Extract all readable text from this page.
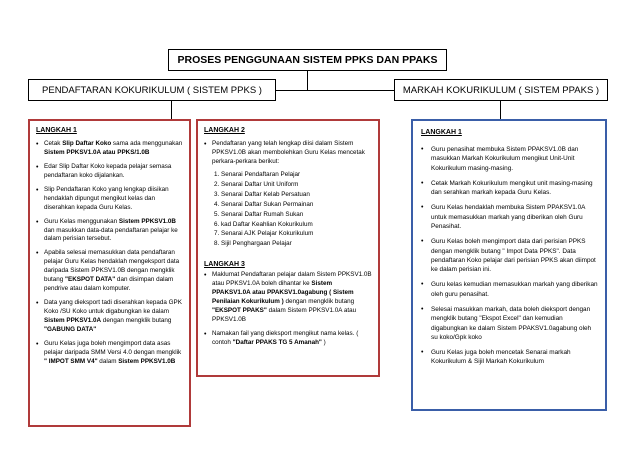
PROSES PENGGUNAAN SISTEM PPKS DAN PPAKS
PENDAFTARAN KOKURIKULUM ( SISTEM PPKS )	MARKAH KOKURIKULUM ( SISTEM PPAKS )
LANGKAH 1
• Cetak Slip Daftar Koko sama ada menggunakan Sistem PPKSV1.0A atau PPKS/1.0B
• Edar Slip Daftar Koko kepada pelajar semasa pendaftaran koko dijalankan.
• Slip Pendaftaran Koko yang lengkap diisikan hendaklah dipungut mengikut kelas dan diserahkan kepada Guru Kelas.
• Guru Kelas menggunakan Sistem PPKSV1.0B dan masukkan data-data pendaftaran pelajar ke dalam perisian tersebut.
• Apabila selesai memasukkan data pendaftaran pelajar Guru Kelas hendaklah mengeksport data daripada Sistem PPKSV1.0B dengan mengklik butang "EKSPOT DATA" dan disimpan dalam pendrive atau dalam komputer.
• Data yang dieksport tadi diserahkan kepada GPK Koko /SU Koko untuk digabungkan ke dalam Sistem PPKSV1.0A dengan mengklik butang "GABUNG DATA"
• Guru Kelas juga boleh mengimport data asas pelajar daripada SMM Versi 4.0 dengan mengklik " IMPOT SMM V4" dalam Sistem PPKSV1.0B
LANGKAH 2
• Pendaftaran yang telah lengkap diisi dalam Sistem PPKSV1.0B akan membolehkan Guru Kelas mencetak perkara-perkara berikut:
1. Senarai Pendaftaran Pelajar
2. Senarai Daftar Unit Uniform
3. Senarai Daftar Kelab Persatuan
4. Senarai Daftar Sukan Permainan
5. Senarai Daftar Rumah Sukan
6. kad Daftar Keahlian Kokurikulum
7. Senarai AJK Pelajar Kokurikulum
8. Sijil Penghargaan Pelajar
LANGKAH 3
• Maklumat Pendaftaran pelajar dalam Sistem PPKSV1.0B atau PPKSV1.0A boleh dihantar ke Sistem PPAKSV1.0A atau PPAKSV1.0agabung ( Sistem Penilaian Kokurikulum ) dengan mengklik butang "EKSPOT PPAKS" dalam Sistem PPKSV1.0A atau PPKSV1.0B
• Namakan fail yang dieksport mengikut nama kelas. ( contoh "Daftar PPAKS TG 5 Amanah" )
LANGKAH 1
• Guru penasihat membuka Sistem PPAKSV1.0B dan masukkan Markah Kokurikulum mengikut Unit-Unit Kokurikulum masing-masing.
• Cetak Markah Kokurikulum mengikut unit masing-masing dan serahkan markah kepada Guru Kelas.
• Guru Kelas hendaklah membuka Sistem PPAKSV1.0A untuk memasukkan markah yang diberikan oleh Guru Penasihat.
• Guru Kelas boleh mengimport data dari perisian PPKS dengan mengklik butang " Impot Data PPKS". Data pendaftaran Koko pelajar dari perisian PPKS akan diimpot ke dalam perisian ini.
• Guru kelas kemudian memasukkan markah yang diberikan oleh guru penasihat.
• Selesai masukkan markah, data boleh dieksport dengan mengklik butang "Ekspot Excel" dan kemudian digabungkan ke dalam Sistem PPAKSV1.0agabung oleh su koko/Gpk koko
• Guru Kelas juga boleh mencetak Senarai markah Kokurikulum & Sijil Markah Kokurikulum
